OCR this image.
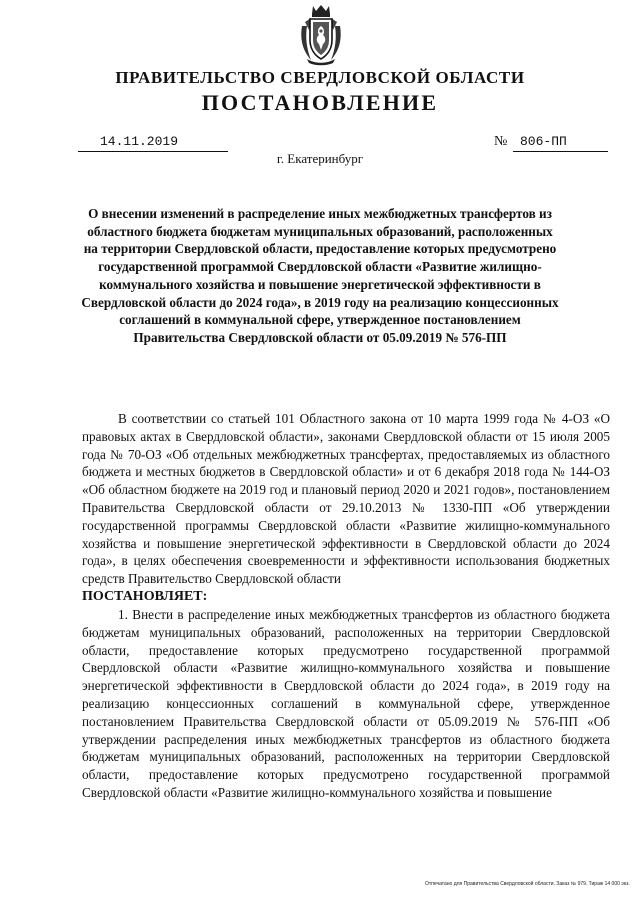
ПРАВИТЕЛЬСТВО СВЕРДЛОВСКОЙ ОБЛАСТИ
ПОСТАНОВЛЕНИЕ
14.11.2019	№ 806-ПП
г. Екатеринбург
О внесении изменений в распределение иных межбюджетных трансфертов из областного бюджета бюджетам муниципальных образований, расположенных на территории Свердловской области, предоставление которых предусмотрено государственной программой Свердловской области «Развитие жилищно-коммунального хозяйства и повышение энергетической эффективности в Свердловской области до 2024 года», в 2019 году на реализацию концессионных соглашений в коммунальной сфере, утвержденное постановлением Правительства Свердловской области от 05.09.2019 № 576-ПП

В соответствии со статьей 101 Областного закона от 10 марта 1999 года № 4-ОЗ «О правовых актах в Свердловской области», законами Свердловской области от 15 июля 2005 года № 70-ОЗ «Об отдельных межбюджетных трансфертах, предоставляемых из областного бюджета и местных бюджетов в Свердловской области» и от 6 декабря 2018 года № 144-ОЗ «Об областном бюджете на 2019 год и плановый период 2020 и 2021 годов», постановлением Правительства Свердловской области от 29.10.2013 № 1330-ПП «Об утверждении государственной программы Свердловской области «Развитие жилищно-коммунального хозяйства и повышение энергетической эффективности в Свердловской области до 2024 года», в целях обеспечения своевременности и эффективности использования бюджетных средств Правительство Свердловской области

ПОСТАНОВЛЯЕТ:

1. Внести в распределение иных межбюджетных трансфертов из областного бюджета бюджетам муниципальных образований, расположенных на территории Свердловской области, предоставление которых предусмотрено государственной программой Свердловской области «Развитие жилищно-коммунального хозяйства и повышение энергетической эффективности в Свердловской области до 2024 года», в 2019 году на реализацию концессионных соглашений в коммунальной сфере, утвержденное постановлением Правительства Свердловской области от 05.09.2019 № 576-ПП «Об утверждении распределения иных межбюджетных трансфертов из областного бюджета бюджетам муниципальных образований, расположенных на территории Свердловской области, предоставление которых предусмотрено государственной программой Свердловской области «Развитие жилищно-коммунального хозяйства и повышение

Отпечатано для Правительства Свердловской области. Заказ № 979. Тираж 14 000 экз.
